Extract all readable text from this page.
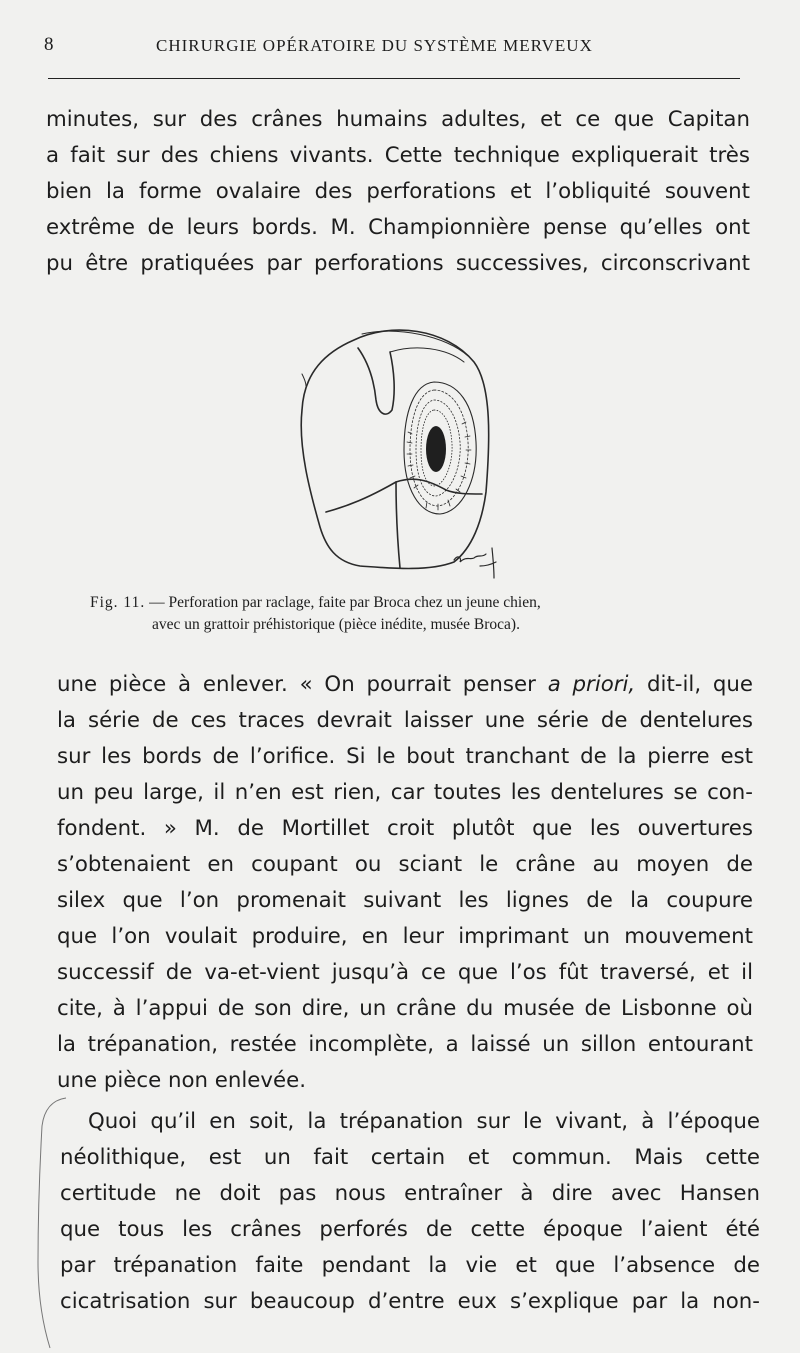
8	CHIRURGIE OPÉRATOIRE DU SYSTÈME MERVEUX

minutes, sur des crânes humains adultes, et ce que Capitan
a fait sur des chiens vivants. Cette technique expliquerait très
bien la forme ovalaire des perforations et l’obliquité souvent
extrême de leurs bords. M. Championnière pense qu’elles ont
pu être pratiquées par perforations successives, circonscrivant

Fig. 11. — Perforation par raclage, faite par Broca chez un jeune chien,
avec un grattoir préhistorique (pièce inédite, musée Broca).

une pièce à enlever. « On pourrait penser a priori, dit-il, que
la série de ces traces devrait laisser une série de dentelures
sur les bords de l’orifice. Si le bout tranchant de la pierre est
un peu large, il n’en est rien, car toutes les dentelures se con-
fondent. » M. de Mortillet croit plutôt que les ouvertures
s’obtenaient en coupant ou sciant le crâne au moyen de
silex que l’on promenait suivant les lignes de la coupure
que l’on voulait produire, en leur imprimant un mouvement
successif de va-et-vient jusqu’à ce que l’os fût traversé, et il
cite, à l’appui de son dire, un crâne du musée de Lisbonne où
la trépanation, restée incomplète, a laissé un sillon entourant
une pièce non enlevée.

Quoi qu’il en soit, la trépanation sur le vivant, à l’époque
néolithique, est un fait certain et commun. Mais cette
certitude ne doit pas nous entraîner à dire avec Hansen
que tous les crânes perforés de cette époque l’aient été
par trépanation faite pendant la vie et que l’absence de
cicatrisation sur beaucoup d’entre eux s’explique par la non-
